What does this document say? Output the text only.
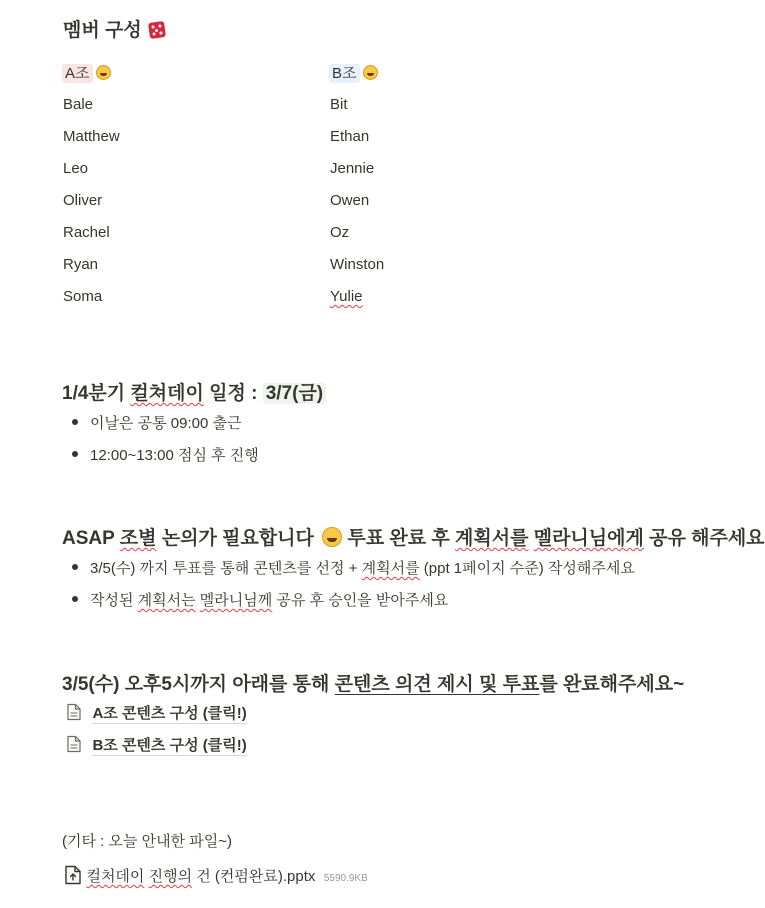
멤버 구성
A조
Bale
Matthew
Leo
Oliver
Rachel
Ryan
Soma
B조
Bit
Ethan
Jennie
Owen
Oz
Winston
Yulie
1/4분기 컬쳐데이 일정 : 3/7(금)
이날은 공통 09:00 출근
12:00~13:00 점심 후 진행
ASAP 조별 논의가 필요합니다  투표 완료 후 계획서를 멜라니님에게 공유 해주세요
3/5(수) 까지 투표를 통해 콘텐츠를 선정 + 계획서를 (ppt 1페이지 수준) 작성해주세요
작성된 계획서는 멜라니님께 공유 후 승인을 받아주세요
3/5(수) 오후5시까지 아래를 통해 콘텐츠 의견 제시 및 투표를 완료해주세요~
A조 콘텐츠 구성 (클릭!)
B조 콘텐츠 구성 (클릭!)
(기타 : 오늘 안내한 파일~)
컬처데이 진행의 건 (컨펌완료).pptx 5590.9KB
